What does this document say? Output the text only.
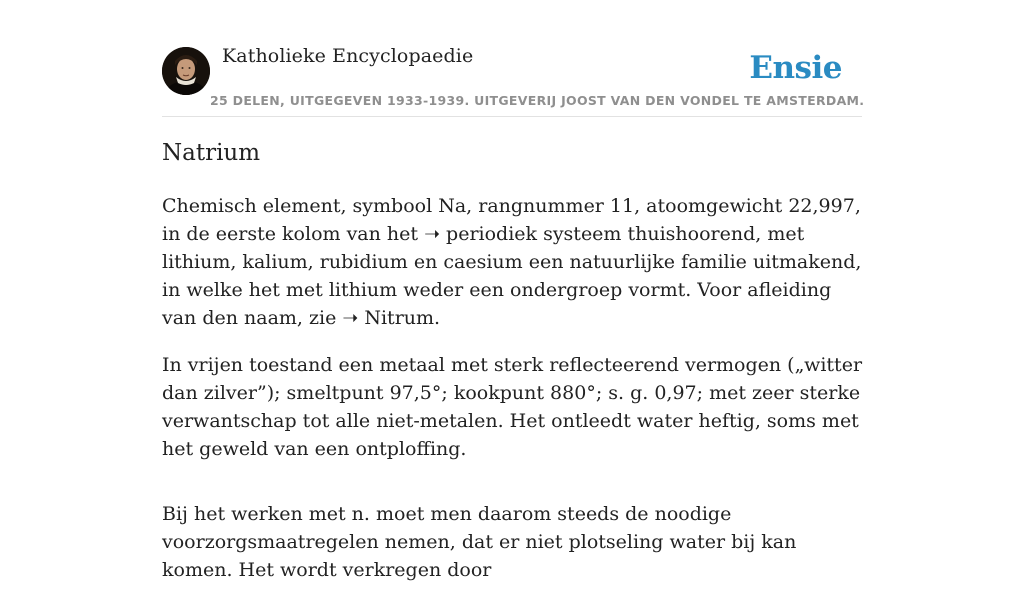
Katholieke Encyclopaedie	Ensie
25 DELEN, UITGEGEVEN 1933-1939. UITGEVERIJ JOOST VAN DEN VONDEL TE AMSTERDAM.
Natrium

Chemisch element, symbool Na, rangnummer 11, atoomgewicht 22,997, in de eerste kolom van het ➝ periodiek systeem thuishoorend, met lithium, kalium, rubidium en caesium een natuurlijke familie uitmakend, in welke het met lithium weder een ondergroep vormt. Voor afleiding van den naam, zie ➝ Nitrum.

In vrijen toestand een metaal met sterk reflecteerend vermogen („witter dan zilver”); smeltpunt 97,5°; kookpunt 880°; s. g. 0,97; met zeer sterke verwantschap tot alle niet-metalen. Het ontleedt water heftig, soms met het geweld van een ontploffing.

Bij het werken met n. moet men daarom steeds de noodige voorzorgsmaatregelen nemen, dat er niet plotseling water bij kan komen. Het wordt verkregen door
